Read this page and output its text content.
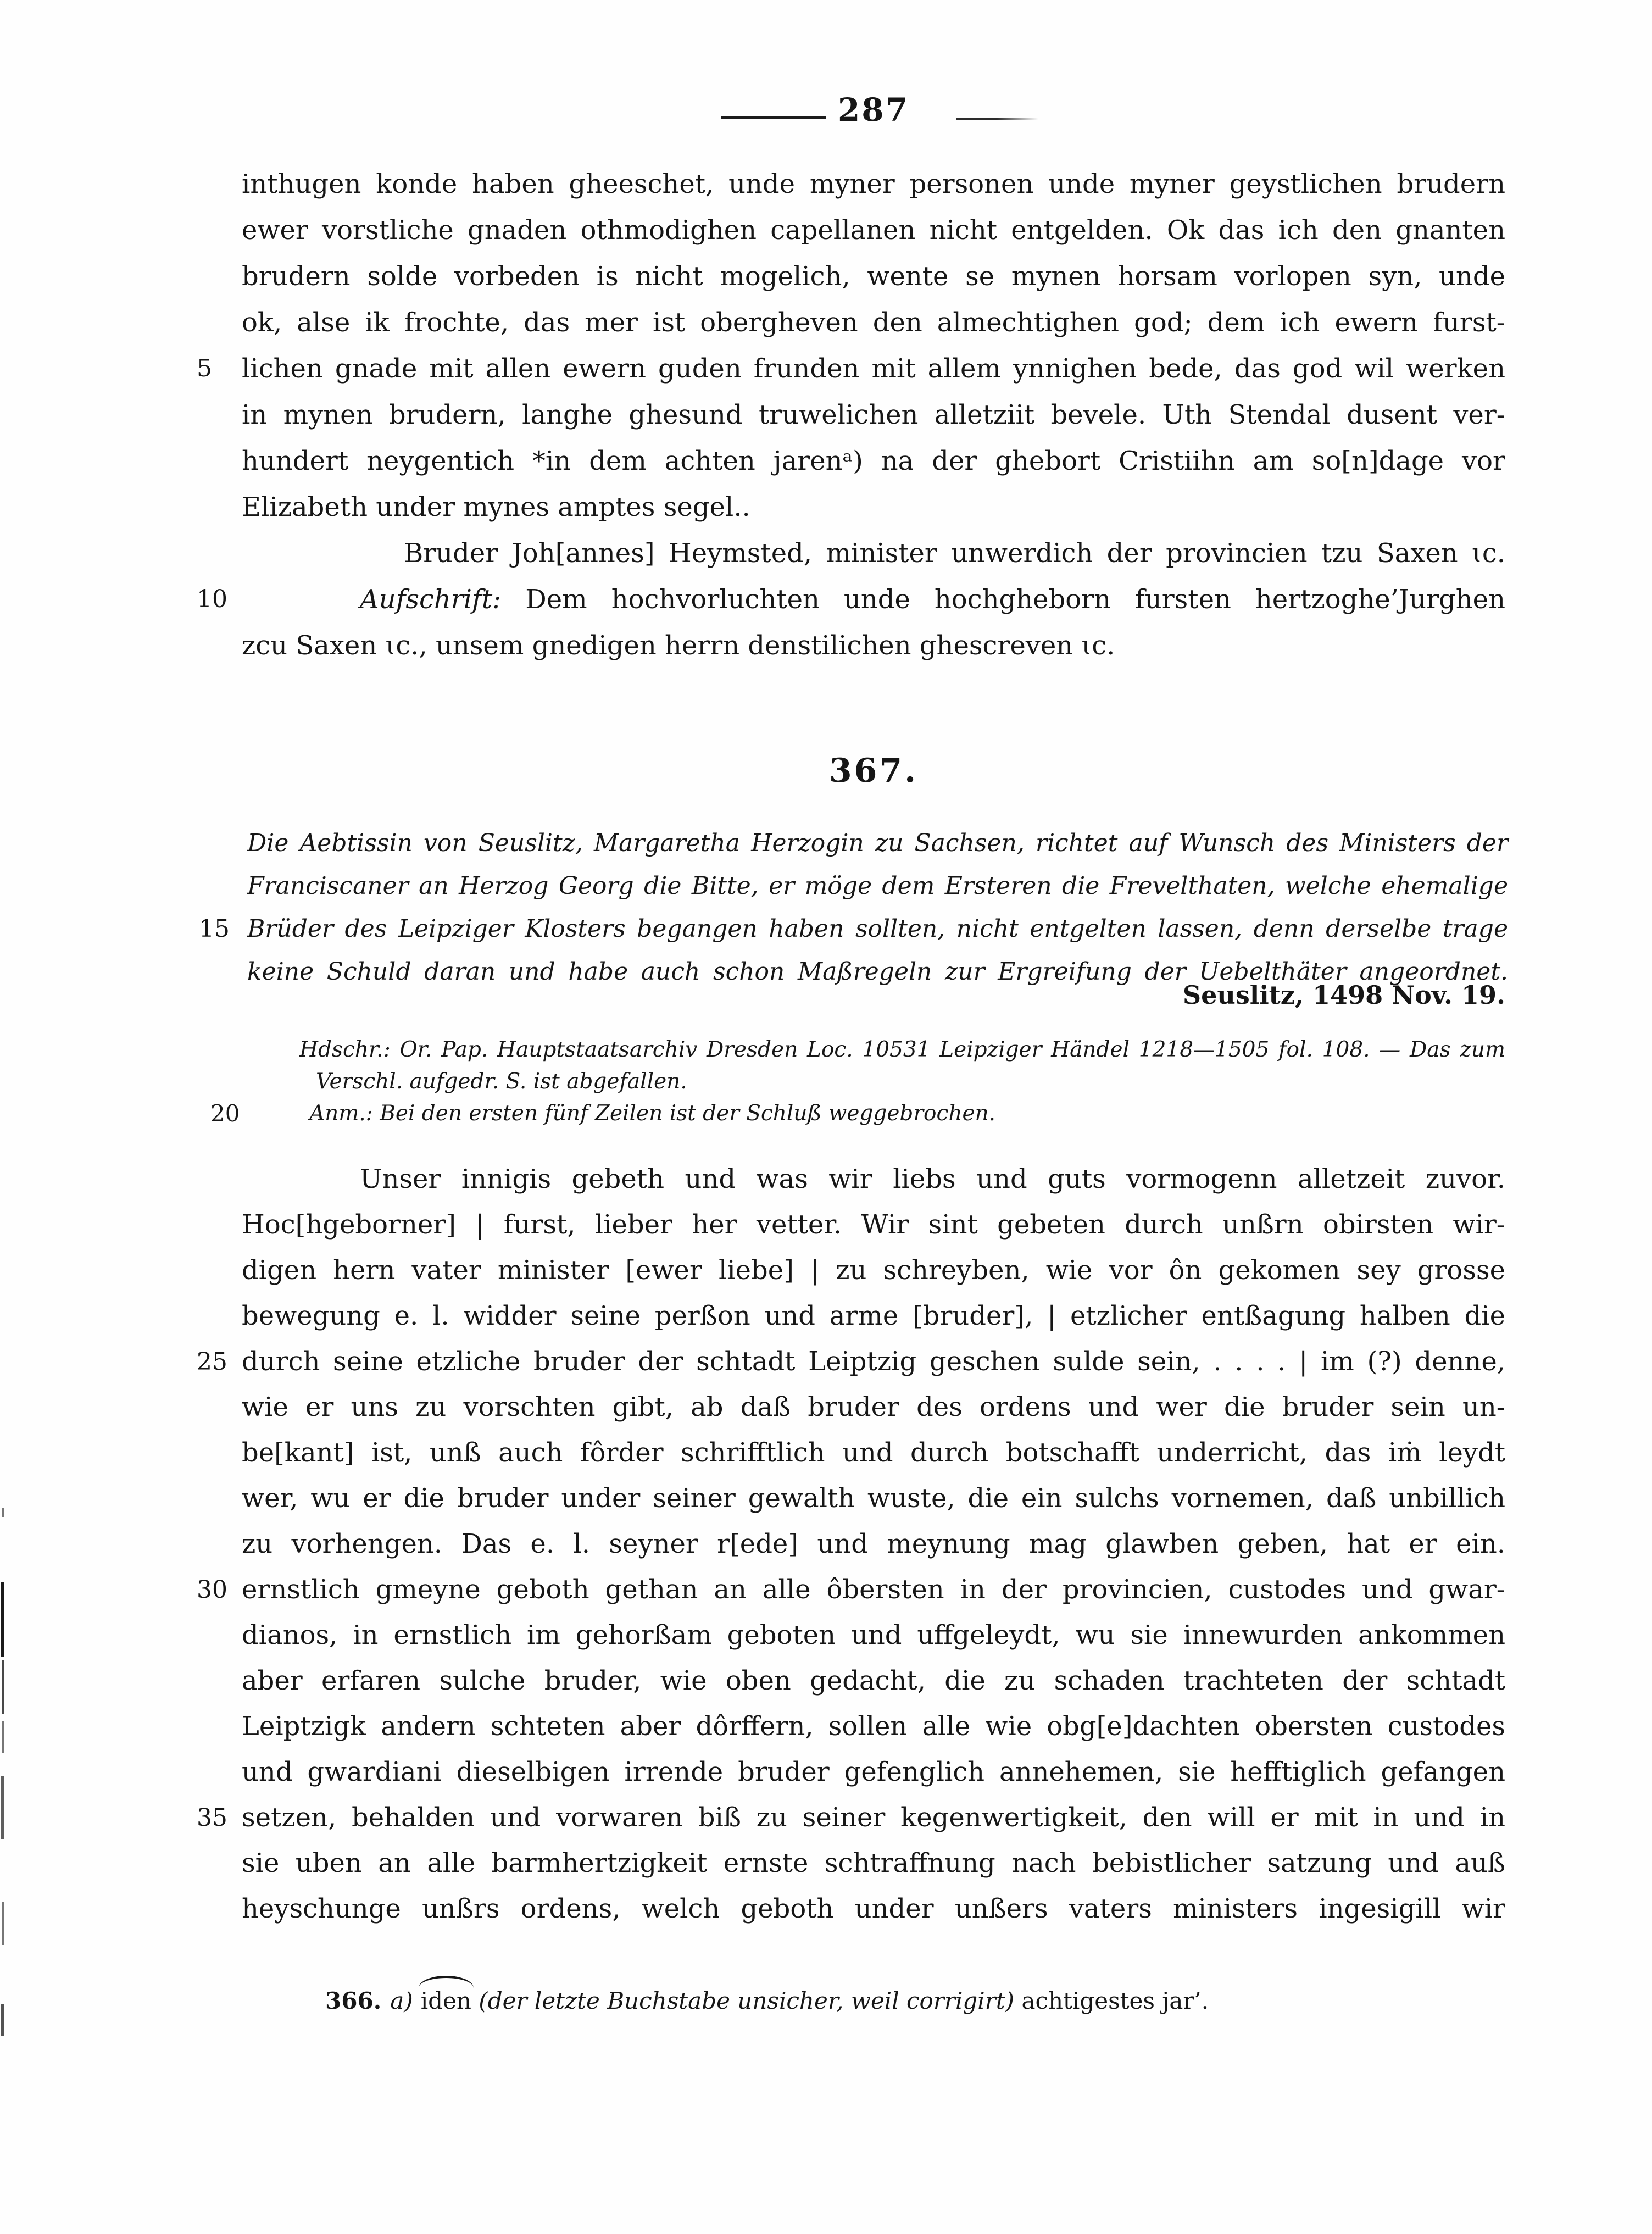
287
inthugen konde haben gheeschet, unde myner personen unde myner geystlichen brudern
ewer vorstliche gnaden othmodighen capellanen nicht entgelden. Ok das ich den gnanten
brudern solde vorbeden is nicht mogelich, wente se mynen horsam vorlopen syn, unde
ok, alse ik frochte, das mer ist obergheven den almechtighen god; dem ich ewern furst-
5	lichen gnade mit allen ewern guden frunden mit allem ynnighen bede, das god wil werken
in mynen brudern, langhe ghesund truwelichen alletziit bevele. Uth Stendal dusent ver-
hundert neygentich *in dem achten jarenᵃ) na der ghebort Cristiihn am so[n]dage vor
Elizabeth under mynes amptes segel..
Bruder Joh[annes] Heymsted, minister unwerdich der provincien tzu Saxen ɩc.
10	Aufschrift: Dem hochvorluchten unde hochgheborn fursten hertzoghe’Jurghen
zcu Saxen ɩc., unsem gnedigen herrn denstilichen ghescreven ɩc.
367.
Die Aebtissin von Seuslitz, Margaretha Herzogin zu Sachsen, richtet auf Wunsch des Ministers der
Franciscaner an Herzog Georg die Bitte, er möge dem Ersteren die Frevelthaten, welche ehemalige
15 Brüder des Leipziger Klosters begangen haben sollten, nicht entgelten lassen, denn derselbe trage
keine Schuld daran und habe auch schon Maßregeln zur Ergreifung der Uebelthäter angeordnet.
Seuslitz, 1498 Nov. 19.
Hdschr.: Or. Pap. Hauptstaatsarchiv Dresden Loc. 10531 Leipziger Händel 1218—1505 fol. 108. — Das zum
Verschl. aufgedr. S. ist abgefallen.
20	Anm.: Bei den ersten fünf Zeilen ist der Schluß weggebrochen.
Unser innigis gebeth und was wir liebs und guts vormogenn alletzeit zuvor.
Hoc[hgeborner] | furst, lieber her vetter. Wir sint gebeten durch unßrn obirsten wir-
digen hern vater minister [ewer liebe] | zu schreyben, wie vor ôn gekomen sey grosse
bewegung e. l. widder seine perßon und arme [bruder], | etzlicher entßagung halben die
25 durch seine etzliche bruder der schtadt Leiptzig geschen sulde sein, . . . . | im (?) denne,
wie er uns zu vorschten gibt, ab daß bruder des ordens und wer die bruder sein un-
be[kant] ist, unß auch fôrder schrifftlich und durch botschafft underricht, das iṁ leydt
wer, wu er die bruder under seiner gewalth wuste, die ein sulchs vornemen, daß unbillich
zu vorhengen. Das e. l. seyner r[ede] und meynung mag glawben geben, hat er ein.
30 ernstlich gmeyne geboth gethan an alle ôbersten in der provincien, custodes und gwar-
dianos, in ernstlich im gehorßam geboten und uffgeleydt, wu sie innewurden ankommen
aber erfaren sulche bruder, wie oben gedacht, die zu schaden trachteten der schtadt
Leiptzigk andern schteten aber dôrffern, sollen alle wie obg[e]dachten obersten custodes
und gwardiani dieselbigen irrende bruder gefenglich annehemen, sie hefftiglich gefangen
35 setzen, behalden und vorwaren biß zu seiner kegenwertigkeit, den will er mit in und in
sie uben an alle barmhertzigkeit ernste schtraffnung nach bebistlicher satzung und auß
heyschunge unßrs ordens, welch geboth under unßers vaters ministers ingesigill wir
366. a) iden (der letzte Buchstabe unsicher, weil corrigirt) achtigestes jar’.
